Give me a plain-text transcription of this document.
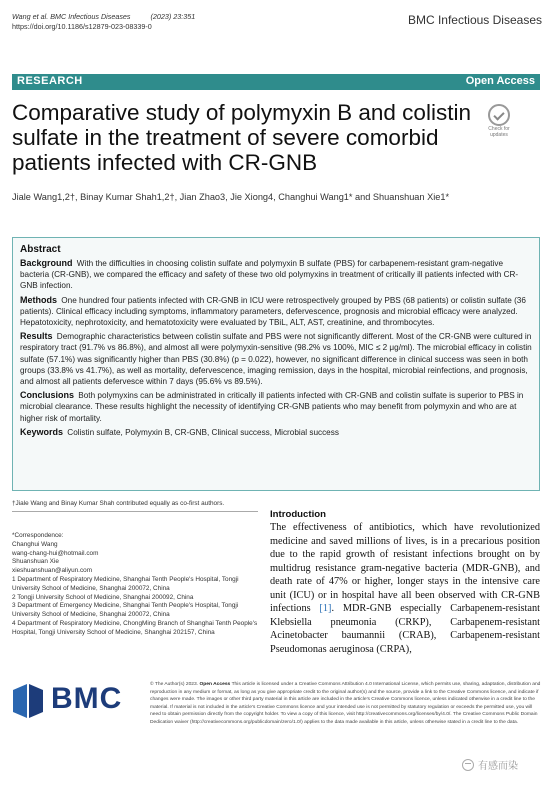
Wang et al. BMC Infectious Diseases	(2023) 23:351
https://doi.org/10.1186/s12879-023-08339-0	BMC Infectious Diseases
RESEARCH	Open Access
Comparative study of polymyxin B and colistin sulfate in the treatment of severe comorbid patients infected with CR-GNB
Check for updates
Jiale Wang1,2†, Binay Kumar Shah1,2†, Jian Zhao3, Jie Xiong4, Changhui Wang1* and Shuanshuan Xie1*
Abstract

Background With the difficulties in choosing colistin sulfate and polymyxin B sulfate (PBS) for carbapenem-resistant gram-negative bacteria (CR-GNB), we compared the efficacy and safety of these two old polymyxins in treatment of critically ill patients infected with CR-GNB infection.

Methods One hundred four patients infected with CR-GNB in ICU were retrospectively grouped by PBS (68 patients) or colistin sulfate (36 patients). Clinical efficacy including symptoms, inflammatory parameters, defervescence, prognosis and microbial efficacy were analyzed. Hepatotoxicity, nephrotoxicity, and hematotoxicity were evaluated by TBiL, ALT, AST, creatinine, and thrombocytes.

Results Demographic characteristics between colistin sulfate and PBS were not significantly different. Most of the CR-GNB were cultured in respiratory tract (91.7% vs 86.8%), and almost all were polymyxin-sensitive (98.2% vs 100%, MIC ≤ 2 μg/ml). The microbial efficacy in colistin sulfate (57.1%) was significantly higher than PBS (30.8%) (p = 0.022), however, no significant difference in clinical success was seen in both groups (33.8% vs 41.7%), as well as mortality, defervescence, imaging remission, days in the hospital, microbial reinfections, and prognosis, and almost all patients defervesce within 7 days (95.6% vs 89.5%).

Conclusions Both polymyxins can be administrated in critically ill patients infected with CR-GNB and colistin sulfate is superior to PBS in microbial clearance. These results highlight the necessity of identifying CR-GNB patients who may benefit from polymyxin and who are at higher risk of mortality.

Keywords Colistin sulfate, Polymyxin B, CR-GNB, Clinical success, Microbial success

†Jiale Wang and Binay Kumar Shah contributed equally as co-first authors.
*Correspondence:
Changhui Wang
wang-chang-hui@hotmail.com
Shuanshuan Xie
xieshuanshuan@aliyun.com
1 Department of Respiratory Medicine, Shanghai Tenth People's Hospital, Tongji University School of Medicine, Shanghai 200072, China
2 Tongji University School of Medicine, Shanghai 200092, China
3 Department of Emergency Medicine, Shanghai Tenth People's Hospital, Tongji University School of Medicine, Shanghai 200072, China
4 Department of Respiratory Medicine, ChongMing Branch of Shanghai Tenth People's Hospital, Tongji University School of Medicine, Shanghai 202157, China
Introduction
The effectiveness of antibiotics, which have revolutionized medicine and saved millions of lives, is in a precarious position due to the rapid growth of resistant infections brought on by multidrug resistance gram-negative bacteria (MDR-GNB), and death rate of 47% or higher, longer stays in the intensive care unit (ICU) or in hospital have all been observed with CR-GNB infections [1]. MDR-GNB especially Carbapenem-resistant Klebsiella pneumonia (CRKP), Carbapenem-resistant Acinetobacter baumannii (CRAB), Carbapenem-resistant Pseudomonas aeruginosa (CRPA),
BMC	© The Author(s) 2023. Open Access This article is licensed under a Creative Commons Attribution 4.0 International License, which permits use, sharing, adaptation, distribution and reproduction in any medium or format, as long as you give appropriate credit to the original author(s) and the source, provide a link to the Creative Commons licence, and indicate if changes were made. The images or other third party material in this article are included in the article's Creative Commons licence, unless indicated otherwise in a credit line to the material. If material is not included in the article's Creative Commons licence and your intended use is not permitted by statutory regulation or exceeds the permitted use, you will need to obtain permission directly from the copyright holder. To view a copy of this licence, visit http://creativecommons.org/licenses/by/4.0/. The Creative Commons Public Domain Dedication waiver (http://creativecommons.org/publicdomain/zero/1.0/) applies to the data made available in this article, unless otherwise stated in a credit line to the data.
有感而染
